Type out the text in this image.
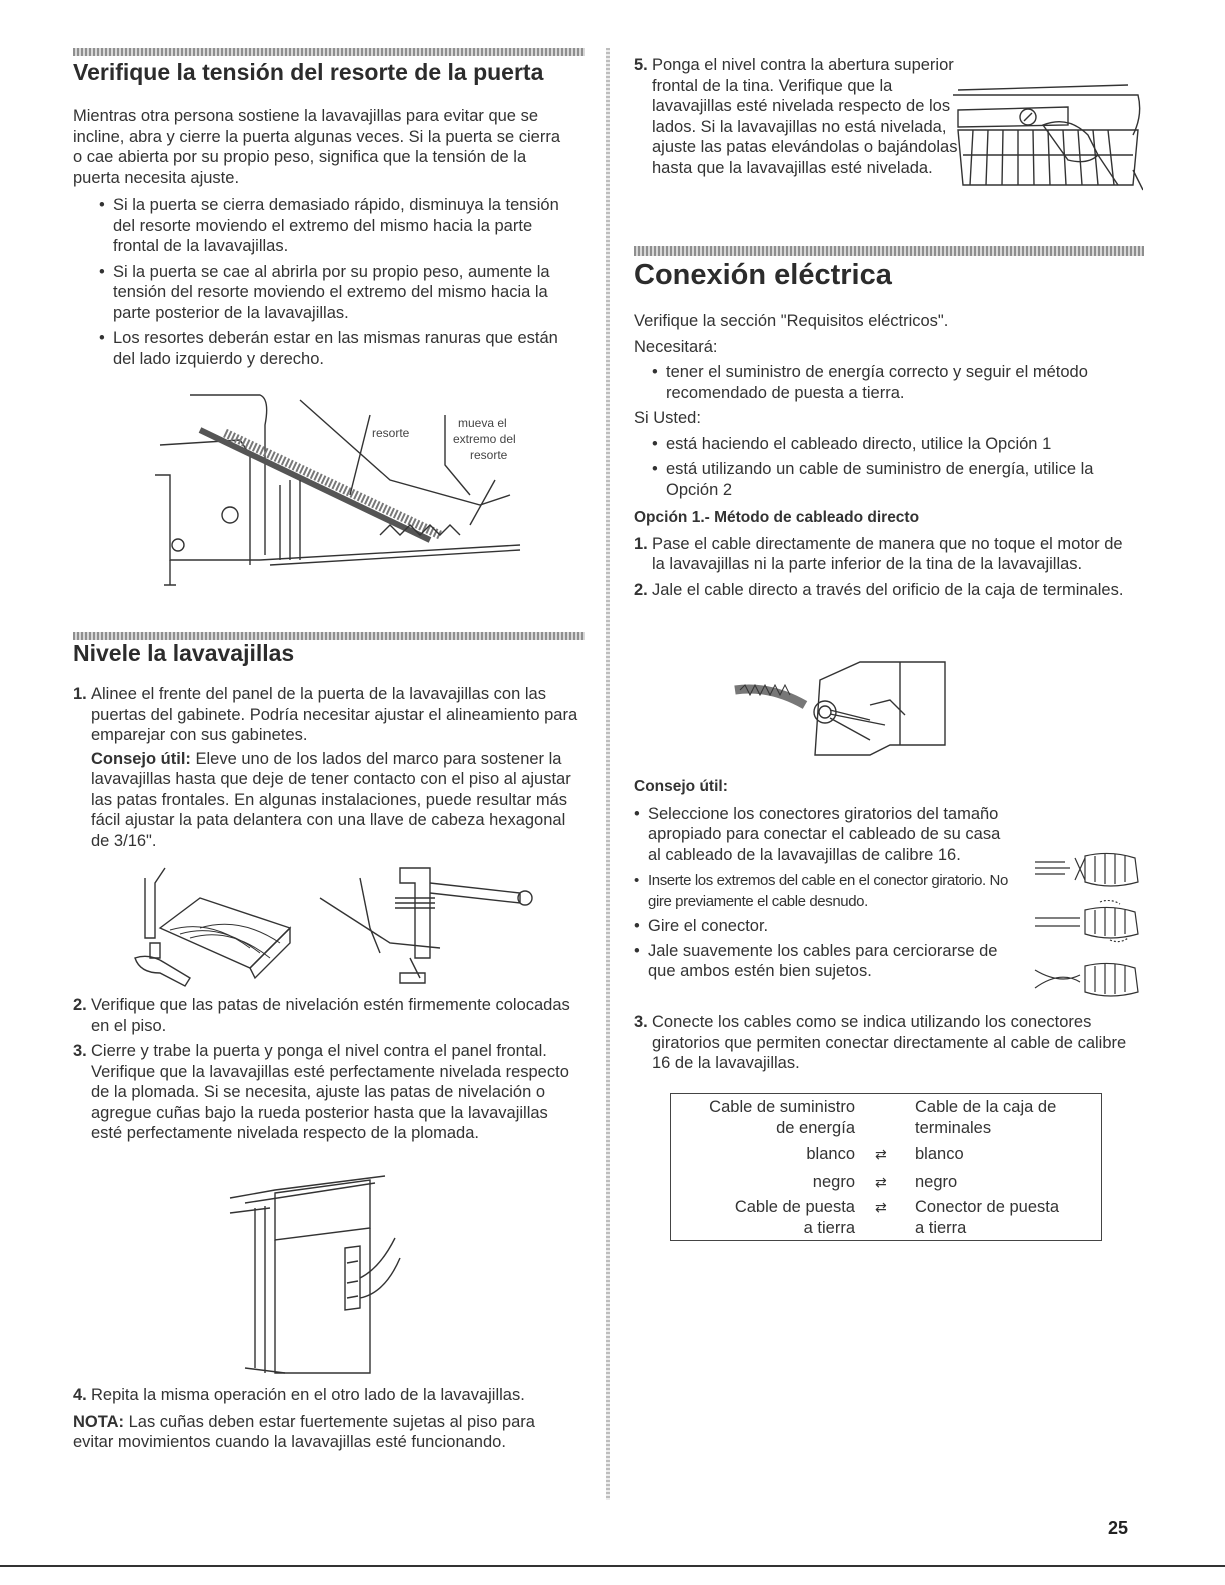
Verifique la tensión del resorte de la puerta

Mientras otra persona sostiene la lavavajillas para evitar que se incline, abra y cierre la puerta algunas veces. Si la puerta se cierra o cae abierta por su propio peso, significa que la tensión de la puerta necesita ajuste.

• Si la puerta se cierra demasiado rápido, disminuya la tensión del resorte moviendo el extremo del mismo hacia la parte frontal de la lavavajillas.

• Si la puerta se cae al abrirla por su propio peso, aumente la tensión del resorte moviendo el extremo del mismo hacia la parte posterior de la lavavajillas.

• Los resortes deberán estar en las mismas ranuras que están del lado izquierdo y derecho.

resorte
mueva el
extremo del
resorte
Nivele la lavavajillas

1. Alinee el frente del panel de la puerta de la lavavajillas con las puertas del gabinete. Podría necesitar ajustar el alineamiento para emparejar con sus gabinetes.

Consejo útil: Eleve uno de los lados del marco para sostener la lavavajillas hasta que deje de tener contacto con el piso al ajustar las patas frontales. En algunas instalaciones, puede resultar más fácil ajustar la pata delantera con una llave de cabeza hexagonal de 3/16".

2. Verifique que las patas de nivelación estén firmemente colocadas en el piso.

3. Cierre y trabe la puerta y ponga el nivel contra el panel frontal. Verifique que la lavavajillas esté perfectamente nivelada respecto de la plomada. Si se necesita, ajuste las patas de nivelación o agregue cuñas bajo la rueda posterior hasta que la lavavajillas esté perfectamente nivelada respecto de la plomada.

4. Repita la misma operación en el otro lado de la lavavajillas.

NOTA: Las cuñas deben estar fuertemente sujetas al piso para evitar movimientos cuando la lavavajillas esté funcionando.

5. Ponga el nivel contra la abertura superior frontal de la tina. Verifique que la lavavajillas esté nivelada respecto de los lados. Si la lavavajillas no está nivelada, ajuste las patas elevándolas o bajándolas hasta que la lavavajillas esté nivelada.

Conexión eléctrica

Verifique la sección "Requisitos eléctricos".

Necesitará:

• tener el suministro de energía correcto y seguir el método recomendado de puesta a tierra.

Si Usted:

• está haciendo el cableado directo, utilice la Opción 1

• está utilizando un cable de suministro de energía, utilice la Opción 2

Opción 1.- Método de cableado directo

1. Pase el cable directamente de manera que no toque el motor de la lavavajillas ni la parte inferior de la tina de la lavavajillas.

2. Jale el cable directo a través del orificio de la caja de terminales.

Consejo útil:

• Seleccione los conectores giratorios del tamaño apropiado para conectar el cableado de su casa al cableado de la lavavajillas de calibre 16.

• Inserte los extremos del cable en el conector giratorio. No gire previamente el cable desnudo.

• Gire el conector.

• Jale suavemente los cables para cerciorarse de que ambos estén bien sujetos.

3. Conecte los cables como se indica utilizando los conectores giratorios que permiten conectar directamente al cable de calibre 16 de la lavavajillas.

Cable de suministro
de energía
Cable de la caja de
terminales
blanco ⇄ blanco
negro ⇄ negro
Cable de puesta
a tierra
⇄ Conector de puesta
a tierra
25
